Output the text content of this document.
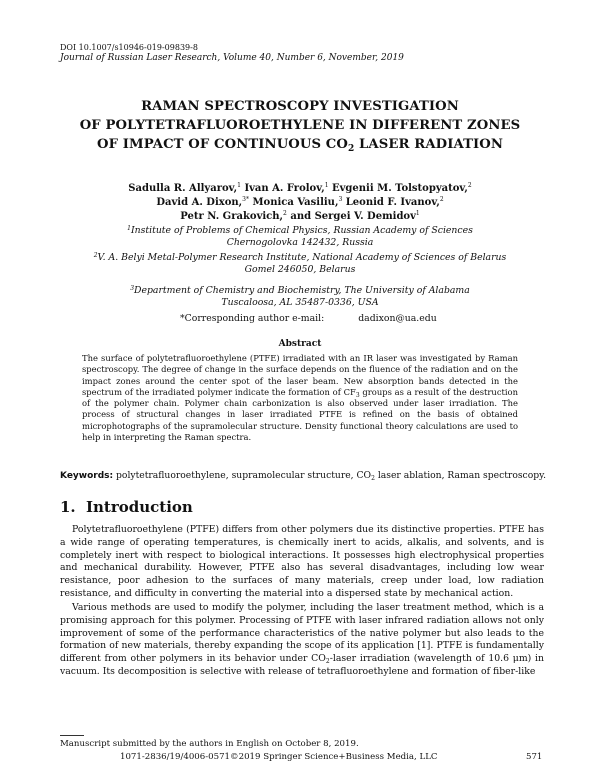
DOI 10.1007/s10946-019-09839-8
Journal of Russian Laser Research, Volume 40, Number 6, November, 2019
RAMAN SPECTROSCOPY INVESTIGATION
OF POLYTETRAFLUOROETHYLENE IN DIFFERENT ZONES
OF IMPACT OF CONTINUOUS $CO_2$ LASER RADIATION
Sadulla R. Allyarov,$^1$ Ivan A. Frolov,$^1$ Evgenii M. Tolstopyatov,$^2$
David A. Dixon,$^{3*}$ Monica Vasiliu,$^3$ Leonid F. Ivanov,$^2$
Petr N. Grakovich,$^2$ and Sergei V. Demidov$^1$
$^1$Institute of Problems of Chemical Physics, Russian Academy of Sciences
Chernogolovka 142432, Russia
$^2$V. A. Belyi Metal-Polymer Research Institute, National Academy of Sciences of Belarus
Gomel 246050, Belarus
$^3$Department of Chemistry and Biochemistry, The University of Alabama
Tuscaloosa, AL 35487-0336, USA
*Corresponding author e-mail:	dadixon@ua.edu
Abstract
The surface of polytetrafluoroethylene (PTFE) irradiated with an IR laser was investigated by Raman spectroscopy. The degree of change in the surface depends on the fluence of the radiation and on the impact zones around the center spot of the laser beam. New absorption bands detected in the spectrum of the irradiated polymer indicate the formation of $CF_3$ groups as a result of the destruction of the polymer chain. Polymer chain carbonization is also observed under laser irradiation. The process of structural changes in laser irradiated PTFE is refined on the basis of obtained microphotographs of the supramolecular structure. Density functional theory calculations are used to help in interpreting the Raman spectra.
Keywords: polytetrafluoroethylene, supramolecular structure, $CO_2$ laser ablation, Raman spectroscopy.
1. Introduction
Polytetrafluoroethylene (PTFE) differs from other polymers due its distinctive properties. PTFE has a wide range of operating temperatures, is chemically inert to acids, alkalis, and solvents, and is completely inert with respect to biological interactions. It possesses high electrophysical properties and mechanical durability. However, PTFE also has several disadvantages, including low wear resistance, poor adhesion to the surfaces of many materials, creep under load, low radiation resistance, and difficulty in converting the material into a dispersed state by mechanical action.
Various methods are used to modify the polymer, including the laser treatment method, which is a promising approach for this polymer. Processing of PTFE with laser infrared radiation allows not only improvement of some of the performance characteristics of the native polymer but also leads to the formation of new materials, thereby expanding the scope of its application [1]. PTFE is fundamentally different from other polymers in its behavior under $CO_2$-laser irradiation (wavelength of 10.6 μm) in vacuum. Its decomposition is selective with release of tetrafluoroethylene and formation of fiber-like
Manuscript submitted by the authors in English on October 8, 2019.
1071-2836/19/4006-0571©2019 Springer Science+Business Media, LLC	571
